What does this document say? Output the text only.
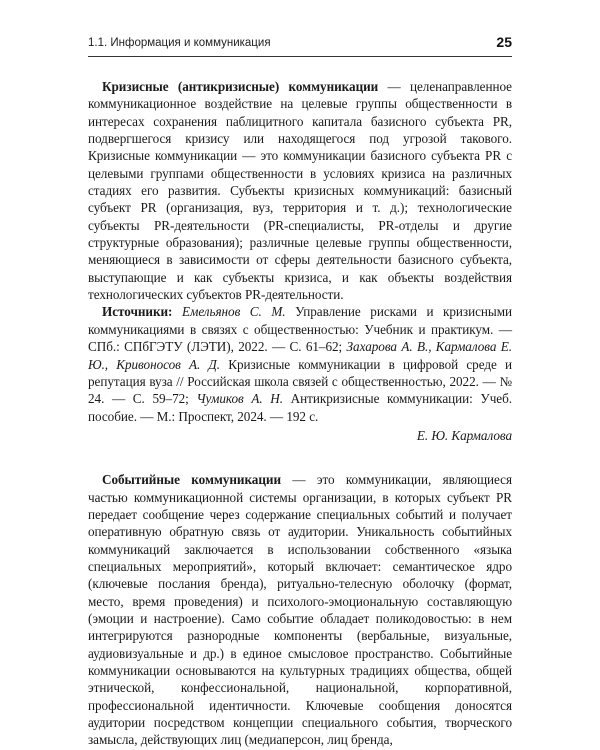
1.1. Информация и коммуникация	25

Кризисные (антикризисные) коммуникации — целенаправленное коммуникационное воздействие на целевые группы общественности в интересах сохранения паблицитного капитала базисного субъекта PR, подвергшегося кризису или находящегося под угрозой такового. Кризисные коммуникации — это коммуникации базисного субъекта PR с целевыми группами общественности в условиях кризиса на различных стадиях его развития. Субъекты кризисных коммуникаций: базисный субъект PR (организация, вуз, территория и т. д.); технологические субъекты PR-деятельности (PR-специалисты, PR-отделы и другие структурные образования); различные целевые группы общественности, меняющиеся в зависимости от сферы деятельности базисного субъекта, выступающие и как субъекты кризиса, и как объекты воздействия технологических субъектов PR-деятельности.

Источники: Емельянов С. М. Управление рисками и кризисными коммуникациями в связях с общественностью: Учебник и практикум. — СПб.: СПбГЭТУ (ЛЭТИ), 2022. — С. 61–62; Захарова А. В., Кармалова Е. Ю., Кривоносов А. Д. Кризисные коммуникации в цифровой среде и репутация вуза // Российская школа связей с общественностью, 2022. — № 24. — С. 59–72; Чумиков А. Н. Антикризисные коммуникации: Учеб. пособие. — М.: Проспект, 2024. — 192 с.

Е. Ю. Кармалова

Событийные коммуникации — это коммуникации, являющиеся частью коммуникационной системы организации, в которых субъект PR передает сообщение через содержание специальных событий и получает оперативную обратную связь от аудитории. Уникальность событийных коммуникаций заключается в использовании собственного «языка специальных мероприятий», который включает: семантическое ядро (ключевые послания бренда), ритуально-телесную оболочку (формат, место, время проведения) и психолого-эмоциональную составляющую (эмоции и настроение). Само событие обладает поликодовостью: в нем интегрируются разнородные компоненты (вербальные, визуальные, аудиовизуальные и др.) в единое смысловое пространство. Событийные коммуникации основываются на культурных традициях общества, общей этнической, конфессиональной, национальной, корпоративной, профессиональной идентичности. Ключевые сообщения доносятся аудитории посредством концепции специального события, творческого замысла, действующих лиц (медиаперсон, лиц бренда,
